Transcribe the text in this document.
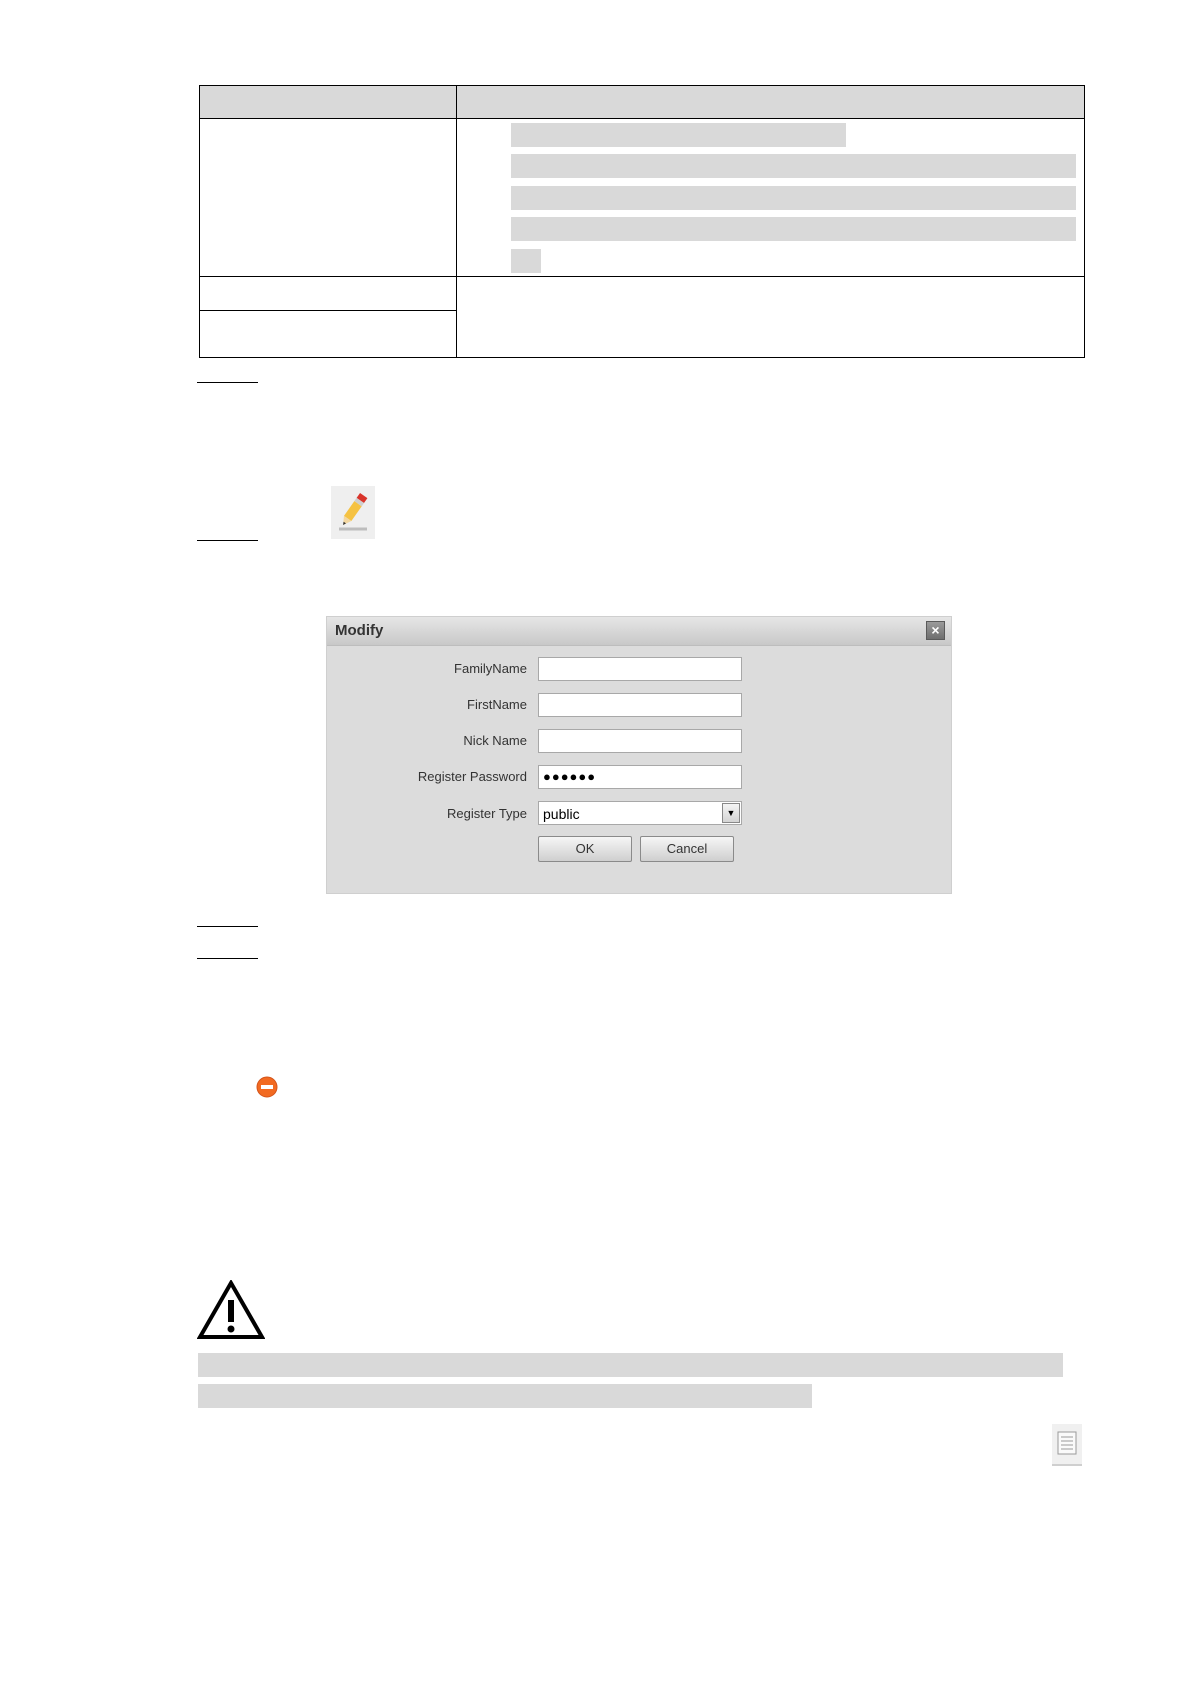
Modify	×
FamilyName
FirstName
Nick Name
Register Password	●●●●●●
Register Type public	▼
OK	Cancel
